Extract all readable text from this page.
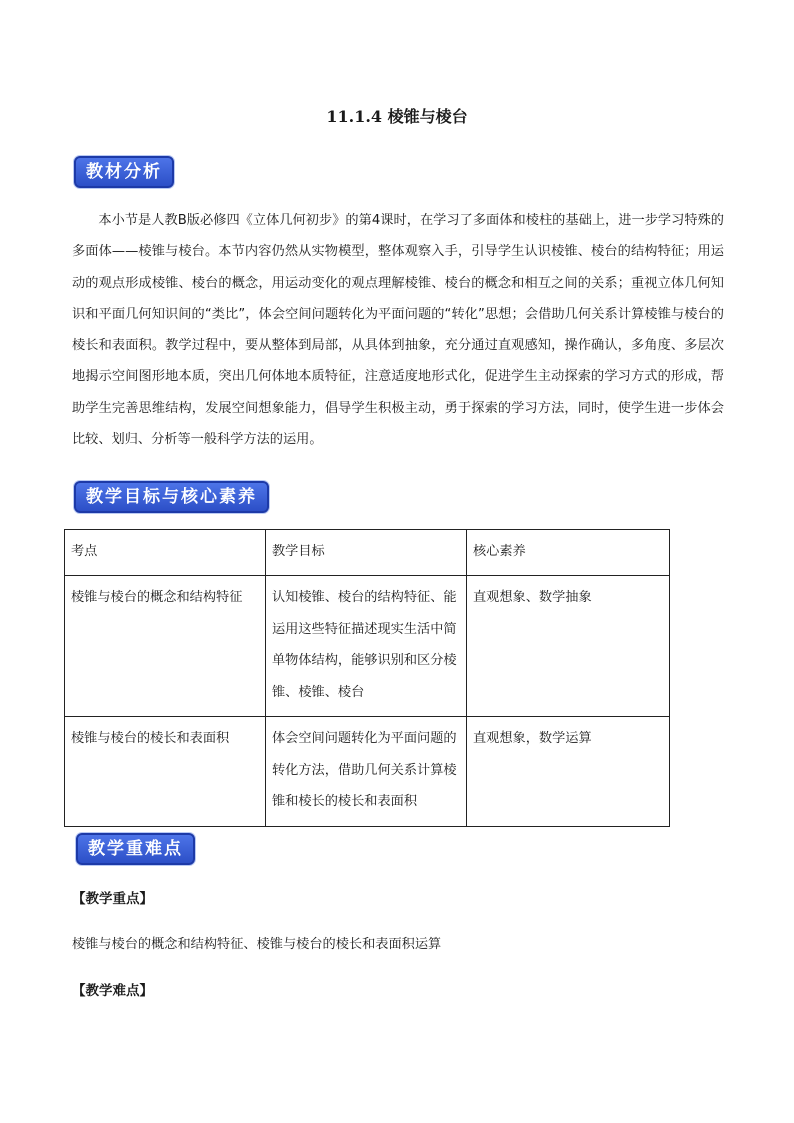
11.1.4 棱锥与棱台
教材分析

本小节是人教B版必修四《立体几何初步》的第4课时，在学习了多面体和棱柱的基础上，进一步学习特殊的多面体——棱锥与棱台。本节内容仍然从实物模型，整体观察入手，引导学生认识棱锥、棱台的结构特征；用运动的观点形成棱锥、棱台的概念，用运动变化的观点理解棱锥、棱台的概念和相互之间的关系；重视立体几何知识和平面几何知识间的“类比”，体会空间问题转化为平面问题的“转化”思想；会借助几何关系计算棱锥与棱台的棱长和表面积。教学过程中，要从整体到局部，从具体到抽象，充分通过直观感知，操作确认，多角度、多层次地揭示空间图形地本质，突出几何体地本质特征，注意适度地形式化，促进学生主动探索的学习方式的形成，帮助学生完善思维结构，发展空间想象能力，倡导学生积极主动，勇于探索的学习方法，同时，使学生进一步体会比较、划归、分析等一般科学方法的运用。

教学目标与核心素养
考点	教学目标	核心素养
棱锥与棱台的概念和结构特征	认知棱锥、棱台的结构特征、能运用这些特征描述现实生活中简单物体结构，能够识别和区分棱锥、棱锥、棱台	直观想象、数学抽象
棱锥与棱台的棱长和表面积	体会空间问题转化为平面问题的转化方法，借助几何关系计算棱锥和棱长的棱长和表面积	直观想象，数学运算
教学重难点
【教学重点】
棱锥与棱台的概念和结构特征、棱锥与棱台的棱长和表面积运算
【教学难点】
